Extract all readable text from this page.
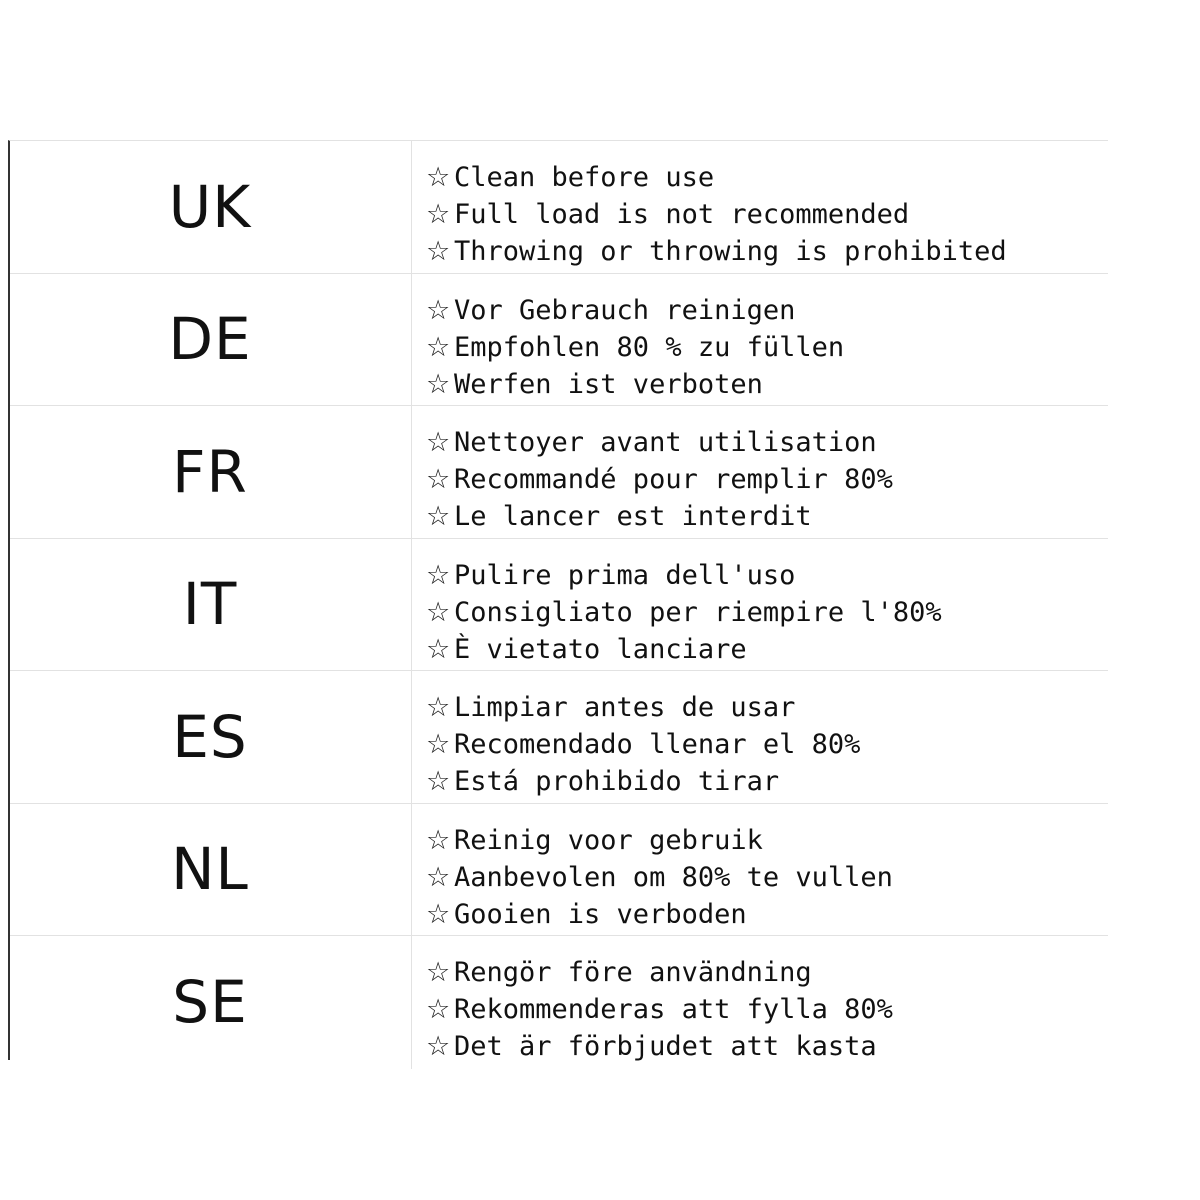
UK	☆ Clean before use
☆ Full load is not recommended
☆ Throwing or throwing is prohibited
DE	☆ Vor Gebrauch reinigen
☆ Empfohlen 80 % zu füllen
☆ Werfen ist verboten
FR	☆ Nettoyer avant utilisation
☆ Recommandé pour remplir 80%
☆ Le lancer est interdit
IT	☆ Pulire prima dell'uso
☆ Consigliato per riempire l'80%
☆ È vietato lanciare
ES	☆ Limpiar antes de usar
☆ Recomendado llenar el 80%
☆ Está prohibido tirar
NL	☆ Reinig voor gebruik
☆ Aanbevolen om 80% te vullen
☆ Gooien is verboden
SE	☆ Rengör före användning
☆ Rekommenderas att fylla 80%
☆ Det är förbjudet att kasta
